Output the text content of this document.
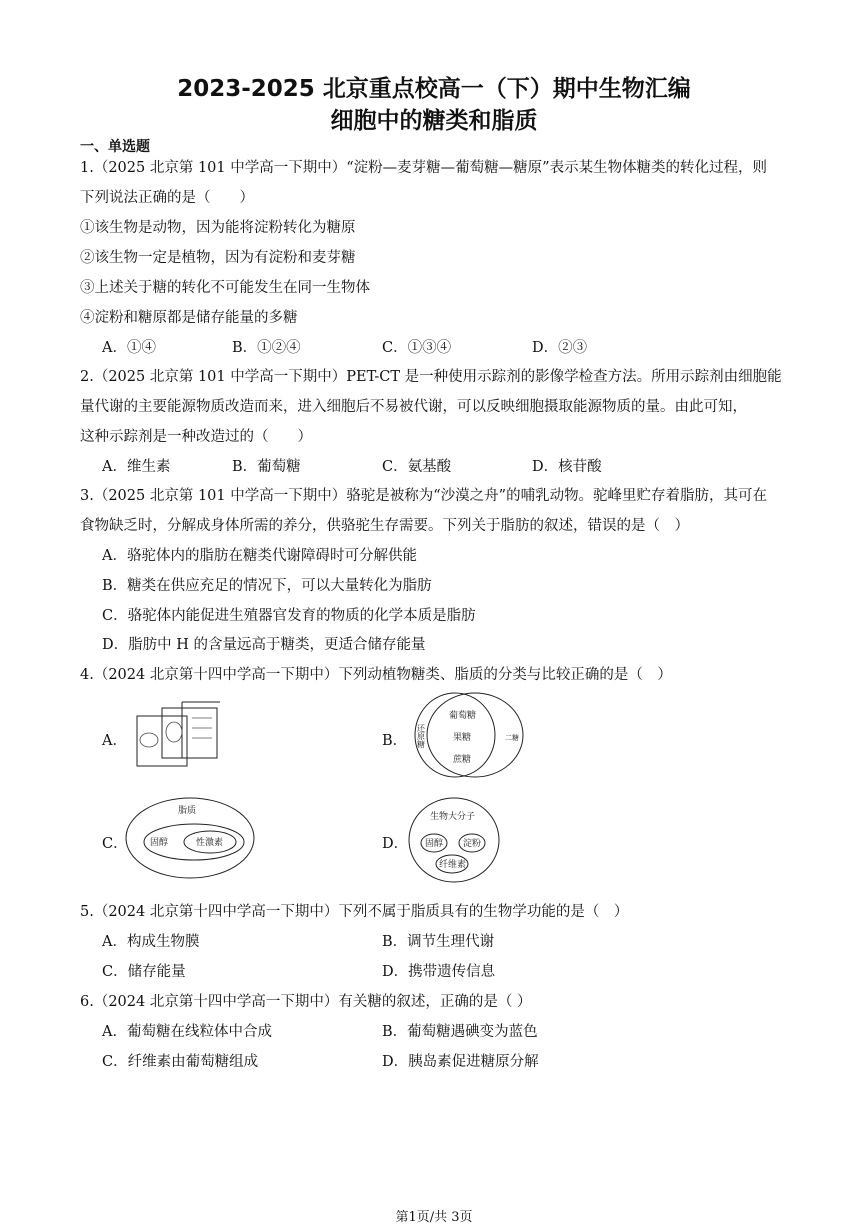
2023-2025 北京重点校高一（下）期中生物汇编
细胞中的糖类和脂质
一、单选题
1.（2025 北京第 101 中学高一下期中）“淀粉—麦芽糖—葡萄糖—糖原”表示某生物体糖类的转化过程，则
下列说法正确的是（　　）
①该生物是动物，因为能将淀粉转化为糖原
②该生物一定是植物，因为有淀粉和麦芽糖
③上述关于糖的转化不可能发生在同一生物体
④淀粉和糖原都是储存能量的多糖
A．①④	B．①②④	C．①③④	D．②③
2.（2025 北京第 101 中学高一下期中）PET-CT 是一种使用示踪剂的影像学检查方法。所用示踪剂由细胞能
量代谢的主要能源物质改造而来，进入细胞后不易被代谢，可以反映细胞摄取能源物质的量。由此可知，
这种示踪剂是一种改造过的（　　）
A．维生素	B．葡萄糖	C．氨基酸	D．核苷酸
3.（2025 北京第 101 中学高一下期中）骆驼是被称为“沙漠之舟”的哺乳动物。驼峰里贮存着脂肪，其可在
食物缺乏时，分解成身体所需的养分，供骆驼生存需要。下列关于脂肪的叙述，错误的是（　）
A．骆驼体内的脂肪在糖类代谢障碍时可分解供能
B．糖类在供应充足的情况下，可以大量转化为脂肪
C．骆驼体内能促进生殖器官发育的物质的化学本质是脂肪
D．脂肪中 H 的含量远高于糖类，更适合储存能量
4.（2024 北京第十四中学高一下期中）下列动植物糖类、脂质的分类与比较正确的是（　）
A．	B． 还原糖
葡萄糖
果糖
蔗糖
二糖
C．
脂质
固醇	性激素	D．
生物大分子
固醇 淀粉
纤维素
5.（2024 北京第十四中学高一下期中）下列不属于脂质具有的生物学功能的是（　）
A．构成生物膜	B．调节生理代谢
C．储存能量	D．携带遗传信息
6.（2024 北京第十四中学高一下期中）有关糖的叙述，正确的是（ ）
A．葡萄糖在线粒体中合成	B．葡萄糖遇碘变为蓝色
C．纤维素由葡萄糖组成	D．胰岛素促进糖原分解
第1页/共 3页
